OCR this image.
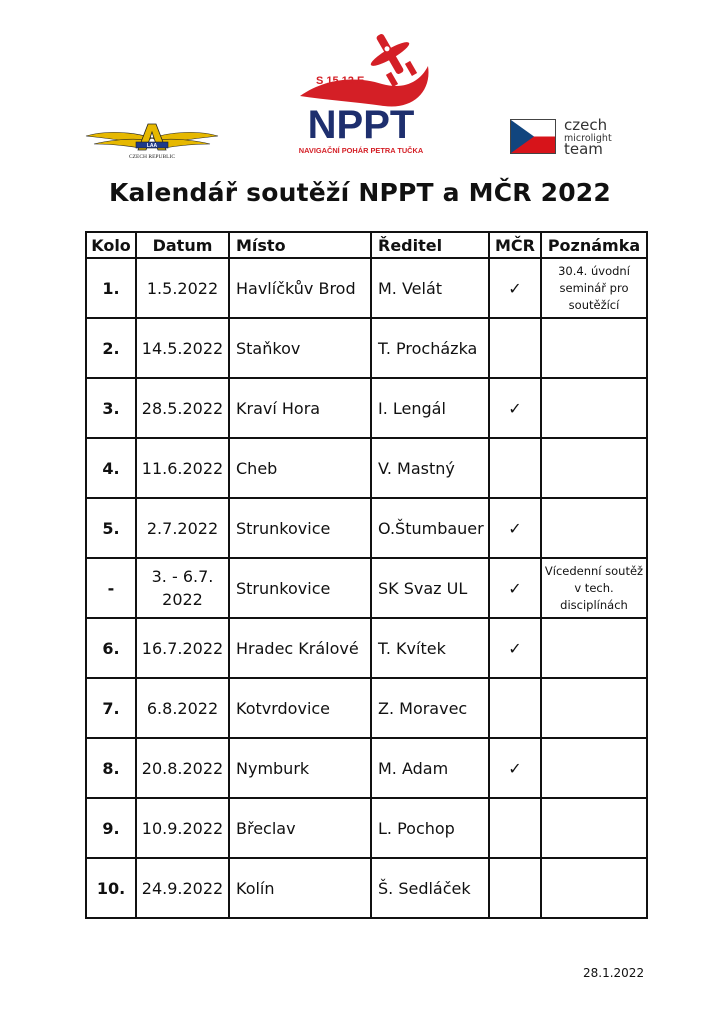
LAA
CZECH REPUBLIC
S 15 12 E
NPPT
NAVIGAČNÍ POHÁR PETRA TUČKA
czech
microlight
team
Kalendář soutěží NPPT a MČR 2022
Kolo	Datum	Místo	Ředitel	MČR	Poznámka
1.	1.5.2022	Havlíčkův Brod	M. Velát	✓	30.4. úvodní seminář pro soutěžící
2.	14.5.2022	Staňkov	T. Procházka		
3.	28.5.2022	Kraví Hora	I. Lengál	✓	
4.	11.6.2022	Cheb	V. Mastný		
5.	2.7.2022	Strunkovice	O.Štumbauer	✓	
-	3. - 6.7. 2022	Strunkovice	SK Svaz UL	✓	Vícedenní soutěž v tech. disciplínách
6.	16.7.2022	Hradec Králové	T. Kvítek	✓	
7.	6.8.2022	Kotvrdovice	Z. Moravec		
8.	20.8.2022	Nymburk	M. Adam	✓	
9.	10.9.2022	Břeclav	L. Pochop		
10.	24.9.2022	Kolín	Š. Sedláček		
28.1.2022
